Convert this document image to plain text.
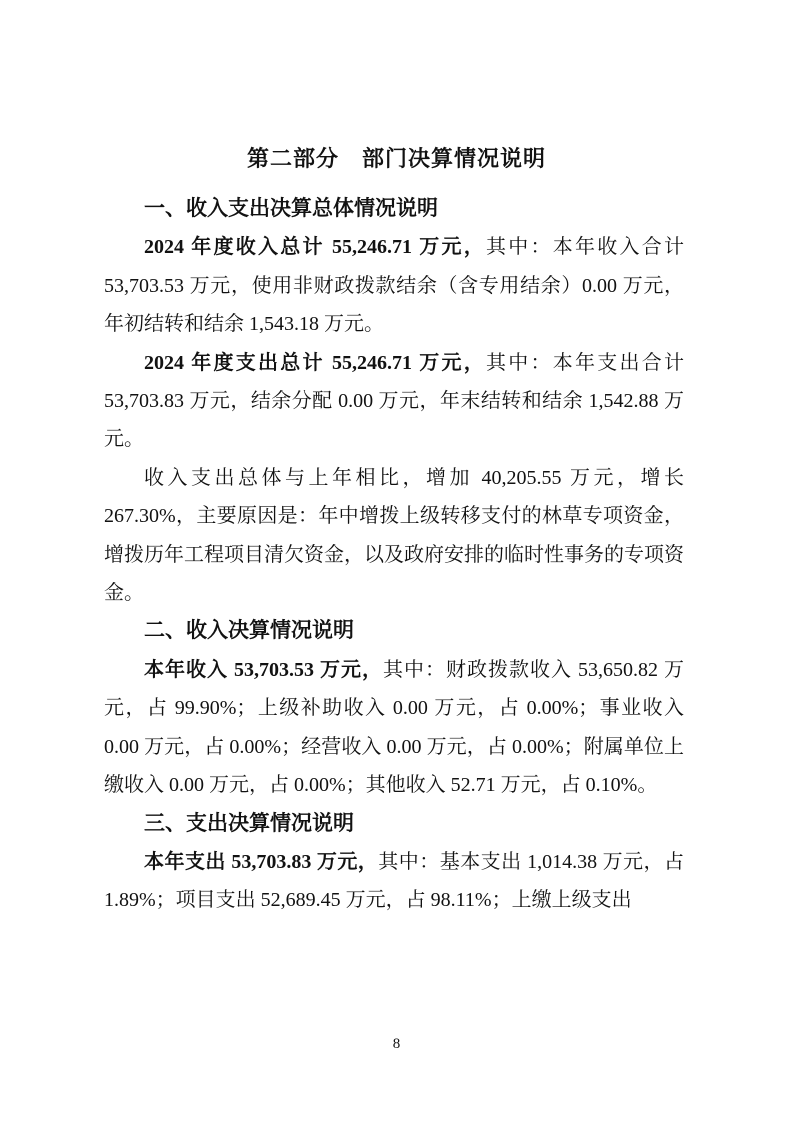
第二部分　部门决算情况说明
一、收入支出决算总体情况说明

2024 年度收入总计 55,246.71 万元，其中：本年收入合计 53,703.53 万元，使用非财政拨款结余（含专用结余）0.00 万元，年初结转和结余 1,543.18 万元。

2024 年度支出总计 55,246.71 万元，其中：本年支出合计 53,703.83 万元，结余分配 0.00 万元，年末结转和结余 1,542.88 万元。

收入支出总体与上年相比，增加 40,205.55 万元，增长 267.30%，主要原因是：年中增拨上级转移支付的林草专项资金，增拨历年工程项目清欠资金，以及政府安排的临时性事务的专项资金。

二、收入决算情况说明

本年收入 53,703.53 万元，其中：财政拨款收入 53,650.82 万元，占 99.90%；上级补助收入 0.00 万元，占 0.00%；事业收入 0.00 万元，占 0.00%；经营收入 0.00 万元，占 0.00%；附属单位上缴收入 0.00 万元，占 0.00%；其他收入 52.71 万元，占 0.10%。

三、支出决算情况说明

本年支出 53,703.83 万元，其中：基本支出 1,014.38 万元，占 1.89%；项目支出 52,689.45 万元，占 98.11%；上缴上级支出

8
